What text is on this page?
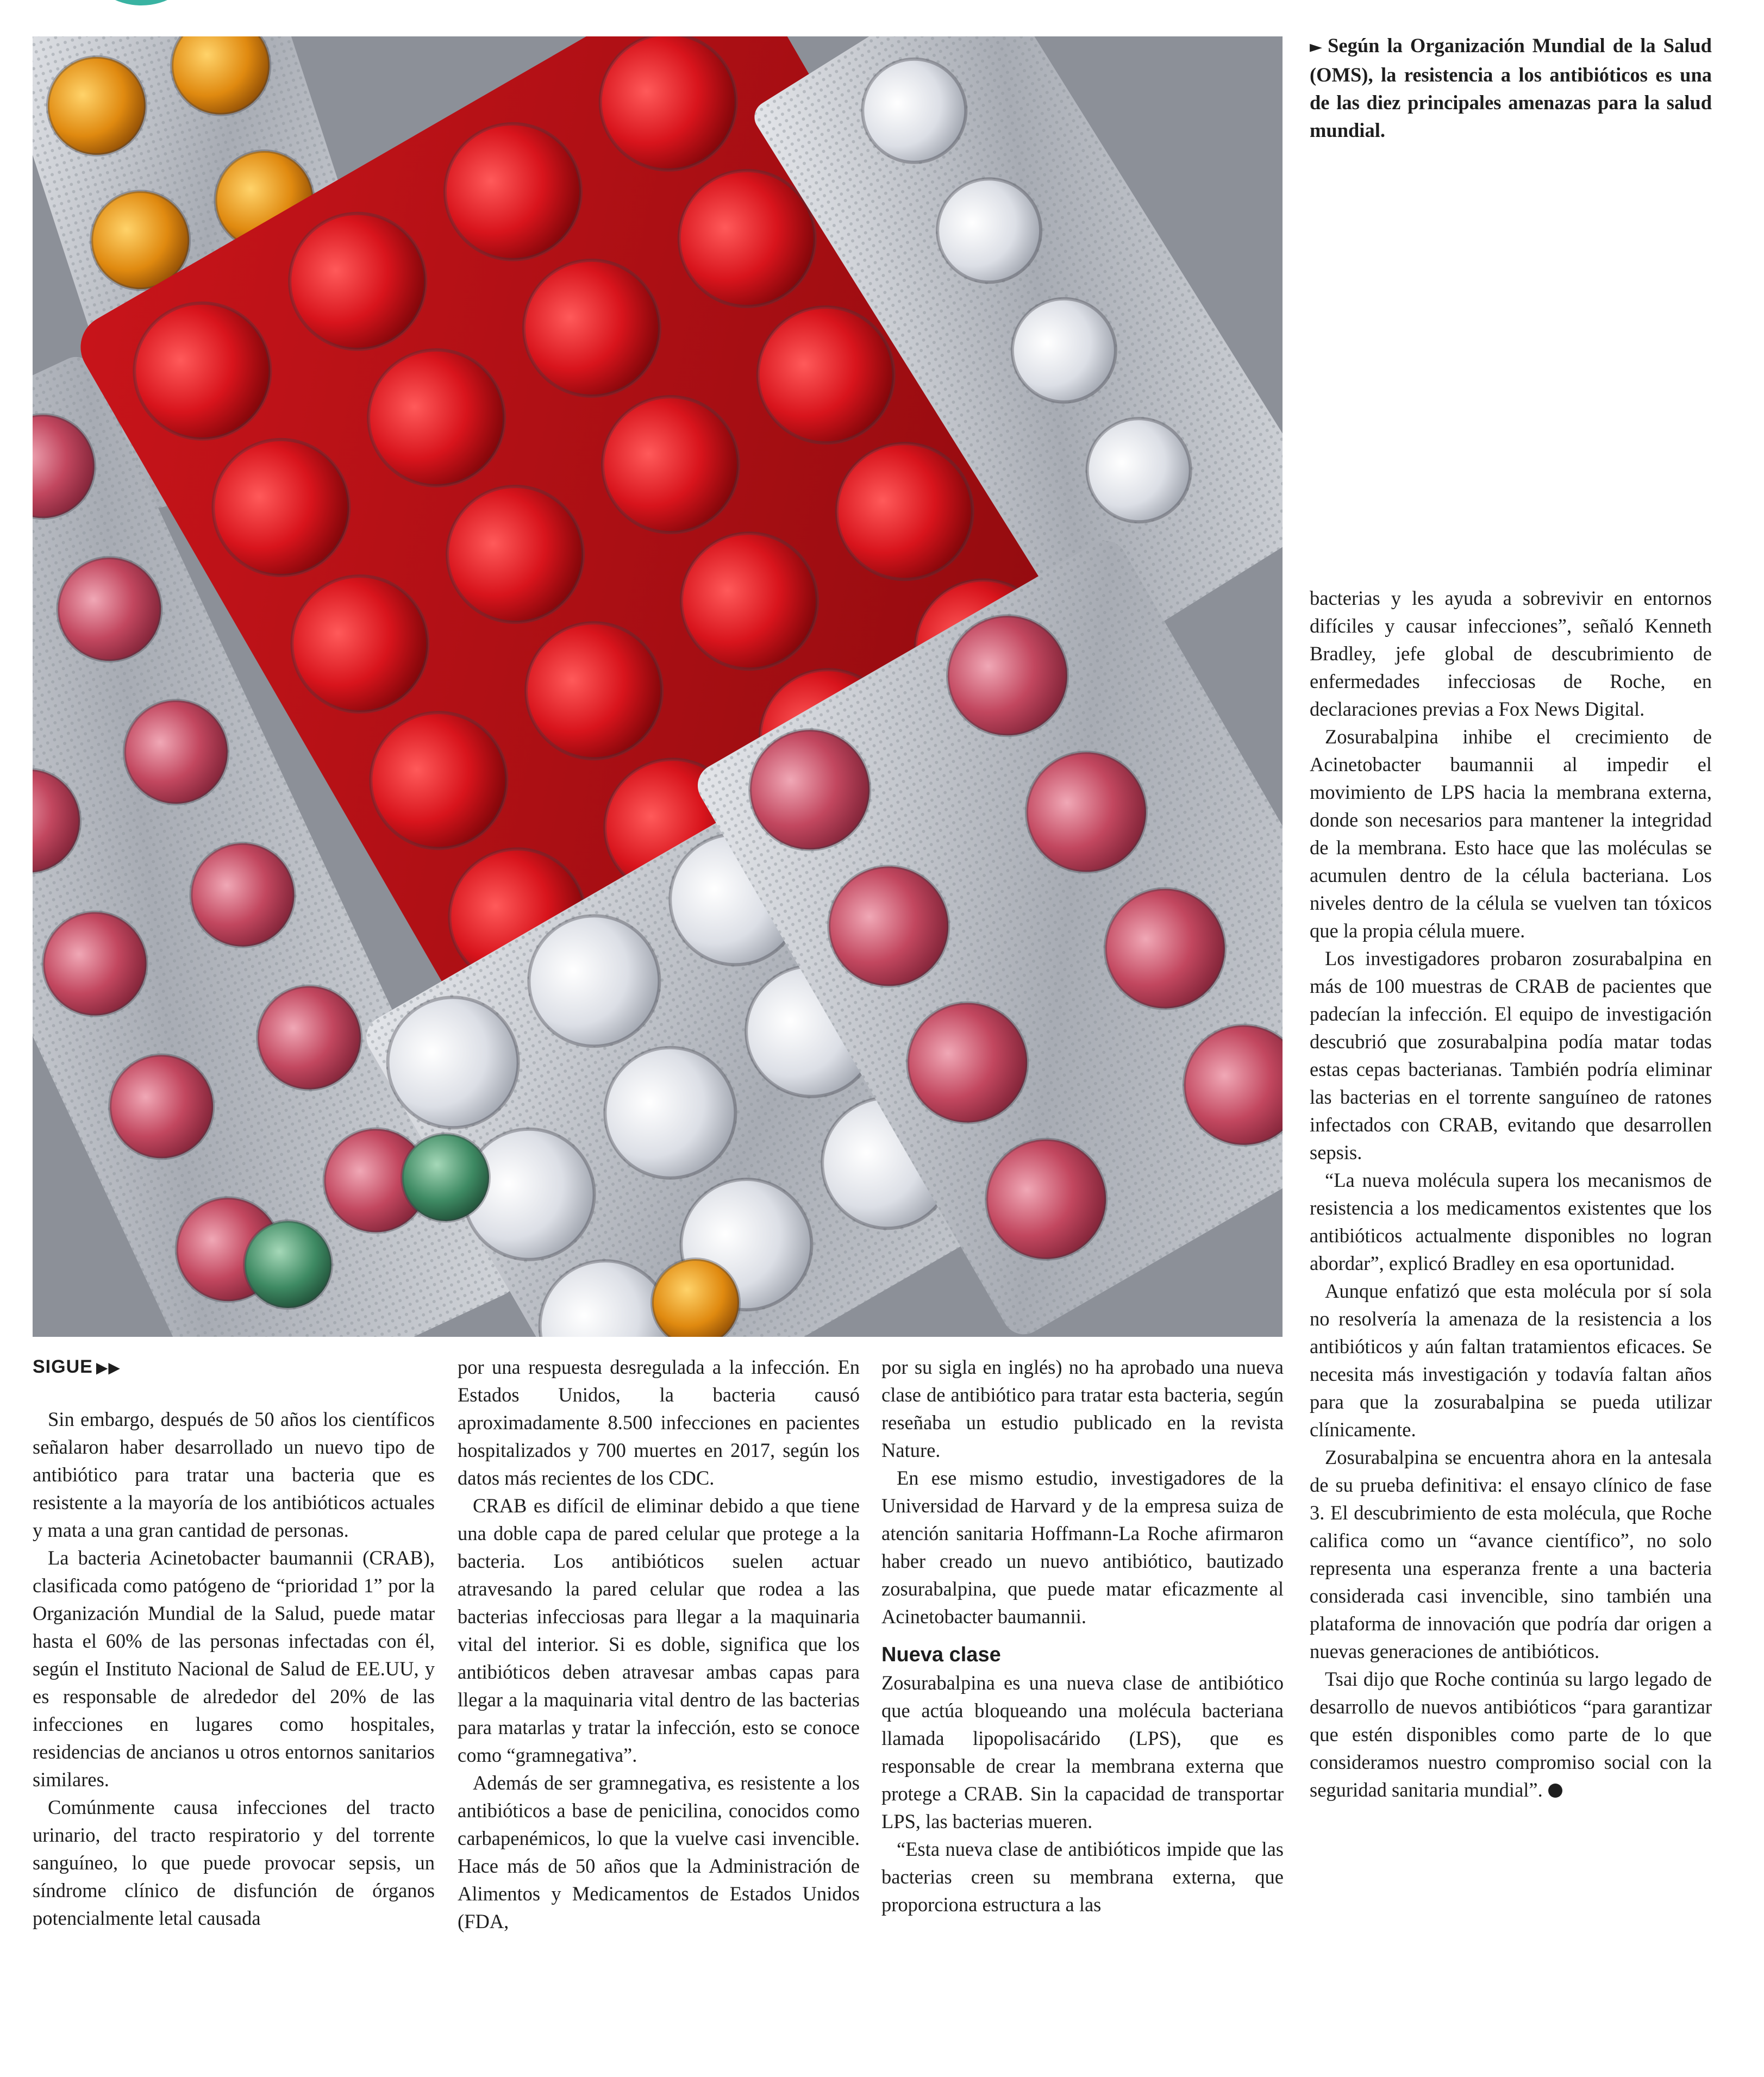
► Según la Organización Mundial de la Salud (OMS), la resistencia a los antibióticos es una de las diez principales amenazas para la salud mundial.

SIGUE ▶▶

Sin embargo, después de 50 años los científicos señalaron haber desarrollado un nuevo tipo de antibiótico para tratar una bacteria que es resistente a la mayoría de los antibióticos actuales y mata a una gran cantidad de personas.

La bacteria Acinetobacter baumannii (CRAB), clasificada como patógeno de “prioridad 1” por la Organización Mundial de la Salud, puede matar hasta el 60% de las personas infectadas con él, según el Instituto Nacional de Salud de EE.UU, y es responsable de alrededor del 20% de las infecciones en lugares como hospitales, residencias de ancianos u otros entornos sanitarios similares.

Comúnmente causa infecciones del tracto urinario, del tracto respiratorio y del torrente sanguíneo, lo que puede provocar sepsis, un síndrome clínico de disfunción de órganos potencialmente letal causada

por una respuesta desregulada a la infección. En Estados Unidos, la bacteria causó aproximadamente 8.500 infecciones en pacientes hospitalizados y 700 muertes en 2017, según los datos más recientes de los CDC.

CRAB es difícil de eliminar debido a que tiene una doble capa de pared celular que protege a la bacteria. Los antibióticos suelen actuar atravesando la pared celular que rodea a las bacterias infecciosas para llegar a la maquinaria vital del interior. Si es doble, significa que los antibióticos deben atravesar ambas capas para llegar a la maquinaria vital dentro de las bacterias para matarlas y tratar la infección, esto se conoce como “gramnegativa”.

Además de ser gramnegativa, es resistente a los antibióticos a base de penicilina, conocidos como carbapenémicos, lo que la vuelve casi invencible. Hace más de 50 años que la Administración de Alimentos y Medicamentos de Estados Unidos (FDA,

por su sigla en inglés) no ha aprobado una nueva clase de antibiótico para tratar esta bacteria, según reseñaba un estudio publicado en la revista Nature.

En ese mismo estudio, investigadores de la Universidad de Harvard y de la empresa suiza de atención sanitaria Hoffmann-La Roche afirmaron haber creado un nuevo antibiótico, bautizado zosurabalpina, que puede matar eficazmente al Acinetobacter baumannii.

Nueva clase

Zosurabalpina es una nueva clase de antibiótico que actúa bloqueando una molécula bacteriana llamada lipopolisacárido (LPS), que es responsable de crear la membrana externa que protege a CRAB. Sin la capacidad de transportar LPS, las bacterias mueren.

“Esta nueva clase de antibióticos impide que las bacterias creen su membrana externa, que proporciona estructura a las

bacterias y les ayuda a sobrevivir en entornos difíciles y causar infecciones”, señaló Kenneth Bradley, jefe global de descubrimiento de enfermedades infecciosas de Roche, en declaraciones previas a Fox News Digital.

Zosurabalpina inhibe el crecimiento de Acinetobacter baumannii al impedir el movimiento de LPS hacia la membrana externa, donde son necesarios para mantener la integridad de la membrana. Esto hace que las moléculas se acumulen dentro de la célula bacteriana. Los niveles dentro de la célula se vuelven tan tóxicos que la propia célula muere.

Los investigadores probaron zosurabalpina en más de 100 muestras de CRAB de pacientes que padecían la infección. El equipo de investigación descubrió que zosurabalpina podía matar todas estas cepas bacterianas. También podría eliminar las bacterias en el torrente sanguíneo de ratones infectados con CRAB, evitando que desarrollen sepsis.

“La nueva molécula supera los mecanismos de resistencia a los medicamentos existentes que los antibióticos actualmente disponibles no logran abordar”, explicó Bradley en esa oportunidad.

Aunque enfatizó que esta molécula por sí sola no resolvería la amenaza de la resistencia a los antibióticos y aún faltan tratamientos eficaces. Se necesita más investigación y todavía faltan años para que la zosurabalpina se pueda utilizar clínicamente.

Zosurabalpina se encuentra ahora en la antesala de su prueba definitiva: el ensayo clínico de fase 3. El descubrimiento de esta molécula, que Roche califica como un “avance científico”, no solo representa una esperanza frente a una bacteria considerada casi invencible, sino también una plataforma de innovación que podría dar origen a nuevas generaciones de antibióticos.

Tsai dijo que Roche continúa su largo legado de desarrollo de nuevos antibióticos “para garantizar que estén disponibles como parte de lo que consideramos nuestro compromiso social con la seguridad sanitaria mundial”.
